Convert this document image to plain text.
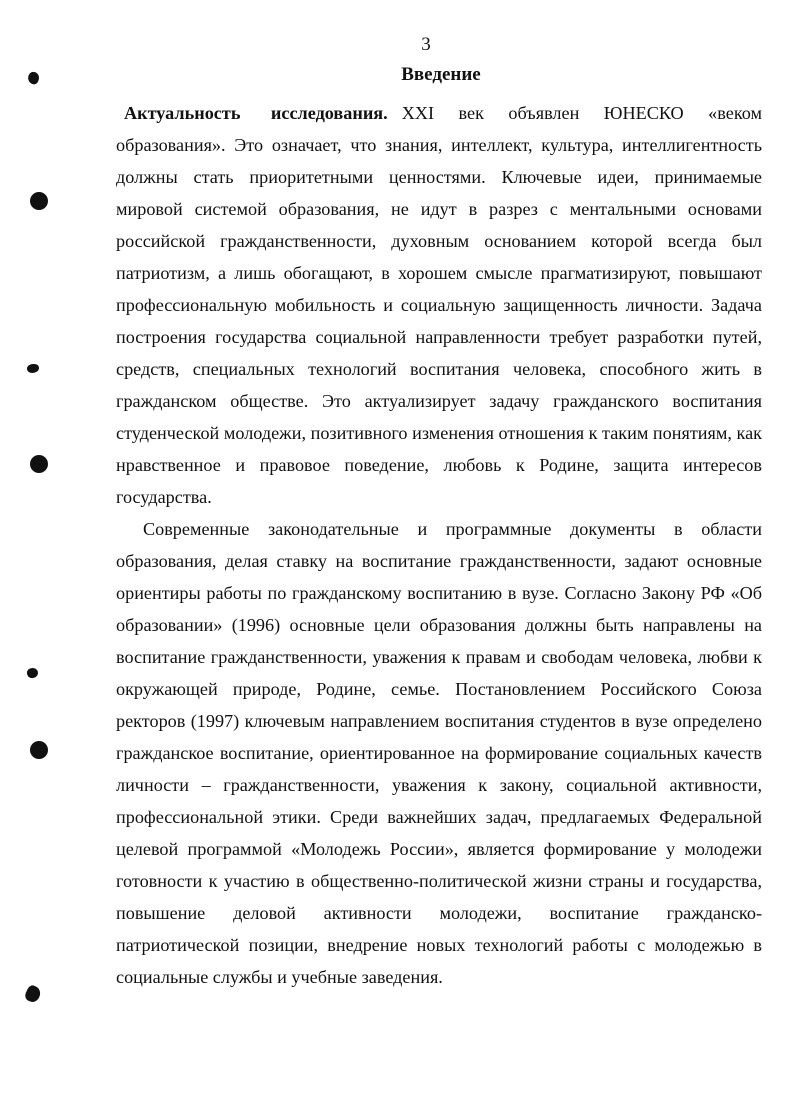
3
Введение

Актуальность исследования. XXI век объявлен ЮНЕСКО «веком образования». Это означает, что знания, интеллект, культура, интеллигентность должны стать приоритетными ценностями. Ключевые идеи, принимаемые мировой системой образования, не идут в разрез с ментальными основами российской гражданственности, духовным основанием которой всегда был патриотизм, а лишь обогащают, в хорошем смысле прагматизируют, повышают профессиональную мобильность и социальную защищенность личности. Задача построения государства социальной направленности требует разработки путей, средств, специальных технологий воспитания человека, способного жить в гражданском обществе. Это актуализирует задачу гражданского воспитания студенческой молодежи, позитивного изменения отношения к таким понятиям, как нравственное и правовое поведение, любовь к Родине, защита интересов государства.

Современные законодательные и программные документы в области образования, делая ставку на воспитание гражданственности, задают основные ориентиры работы по гражданскому воспитанию в вузе. Согласно Закону РФ «Об образовании» (1996) основные цели образования должны быть направлены на воспитание гражданственности, уважения к правам и свободам человека, любви к окружающей природе, Родине, семье. Постановлением Российского Союза ректоров (1997) ключевым направлением воспитания студентов в вузе определено гражданское воспитание, ориентированное на формирование социальных качеств личности – гражданственности, уважения к закону, социальной активности, профессиональной этики. Среди важнейших задач, предлагаемых Федеральной целевой программой «Молодежь России», является формирование у молодежи готовности к участию в общественно-политической жизни страны и государства, повышение деловой активности молодежи, воспитание гражданско-патриотической позиции, внедрение новых технологий работы с молодежью в социальные службы и учебные заведения.
